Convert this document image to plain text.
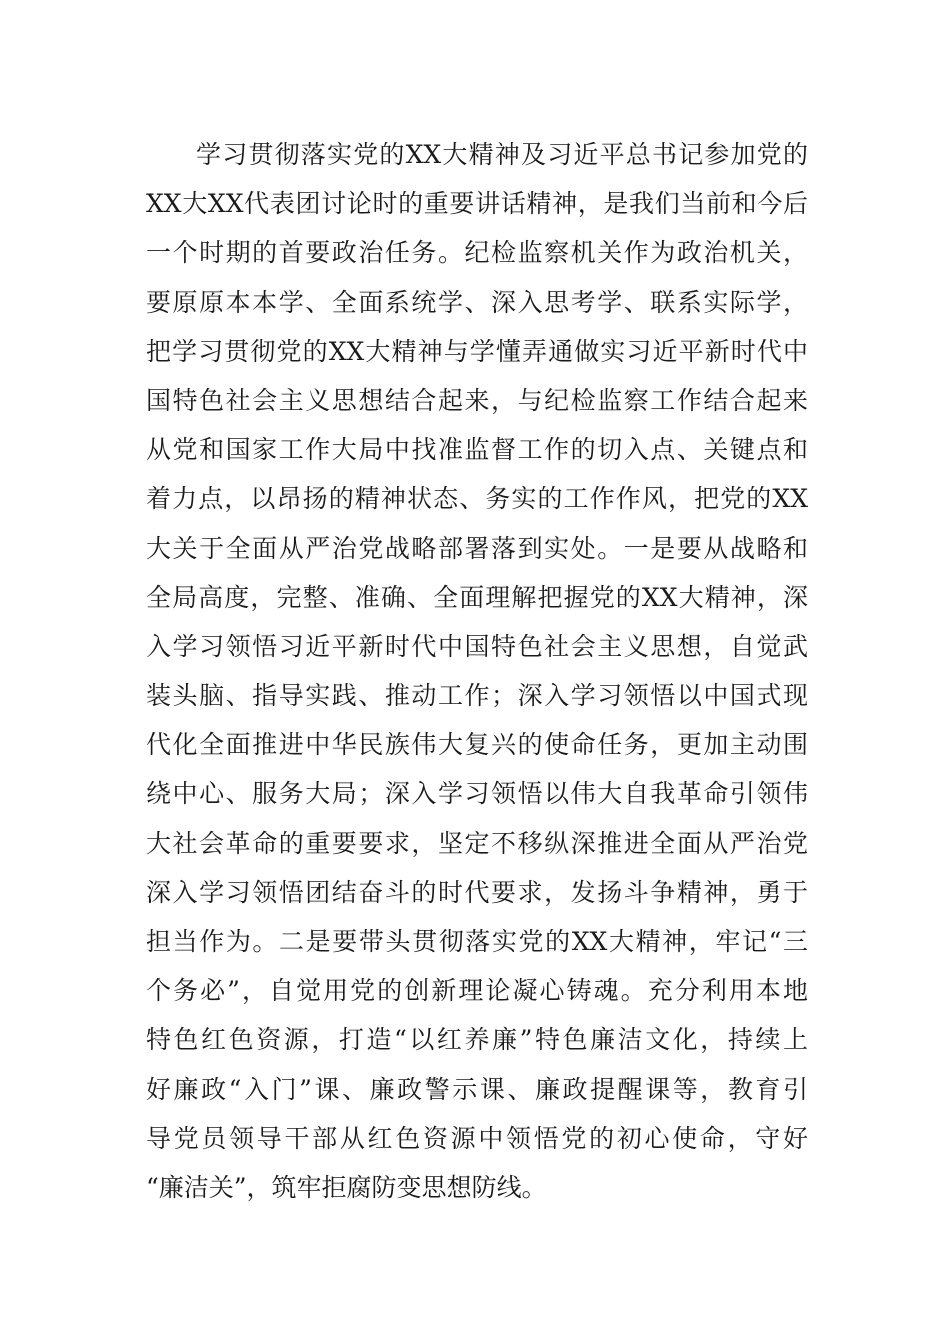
学习贯彻落实党的XX大精神及习近平总书记参加党的
XX大XX代表团讨论时的重要讲话精神，是我们当前和今后
一个时期的首要政治任务。纪检监察机关作为政治机关，
要原原本本学、全面系统学、深入思考学、联系实际学，
把学习贯彻党的XX大精神与学懂弄通做实习近平新时代中
国特色社会主义思想结合起来，与纪检监察工作结合起来
从党和国家工作大局中找准监督工作的切入点、关键点和
着力点，以昂扬的精神状态、务实的工作作风，把党的XX
大关于全面从严治党战略部署落到实处。一是要从战略和
全局高度，完整、准确、全面理解把握党的XX大精神，深
入学习领悟习近平新时代中国特色社会主义思想，自觉武
装头脑、指导实践、推动工作；深入学习领悟以中国式现
代化全面推进中华民族伟大复兴的使命任务，更加主动围
绕中心、服务大局；深入学习领悟以伟大自我革命引领伟
大社会革命的重要要求，坚定不移纵深推进全面从严治党
深入学习领悟团结奋斗的时代要求，发扬斗争精神，勇于
担当作为。二是要带头贯彻落实党的XX大精神，牢记“三
个务必”，自觉用党的创新理论凝心铸魂。充分利用本地
特色红色资源，打造“以红养廉”特色廉洁文化，持续上
好廉政“入门”课、廉政警示课、廉政提醒课等，教育引
导党员领导干部从红色资源中领悟党的初心使命，守好
“廉洁关”，筑牢拒腐防变思想防线。
